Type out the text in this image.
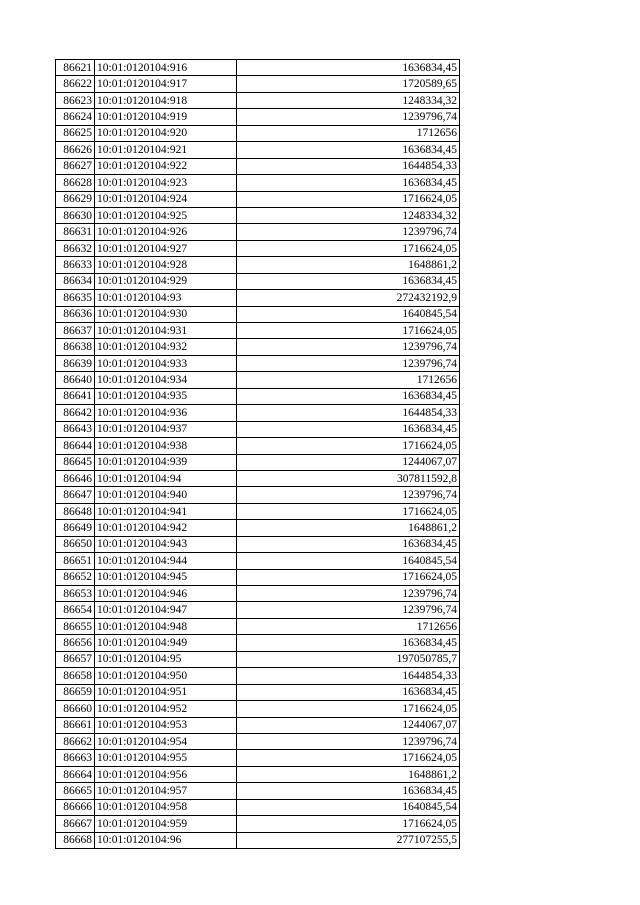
86621	10:01:0120104:916	1636834,45
86622	10:01:0120104:917	1720589,65
86623	10:01:0120104:918	1248334,32
86624	10:01:0120104:919	1239796,74
86625	10:01:0120104:920	1712656
86626	10:01:0120104:921	1636834,45
86627	10:01:0120104:922	1644854,33
86628	10:01:0120104:923	1636834,45
86629	10:01:0120104:924	1716624,05
86630	10:01:0120104:925	1248334,32
86631	10:01:0120104:926	1239796,74
86632	10:01:0120104:927	1716624,05
86633	10:01:0120104:928	1648861,2
86634	10:01:0120104:929	1636834,45
86635	10:01:0120104:93	272432192,9
86636	10:01:0120104:930	1640845,54
86637	10:01:0120104:931	1716624,05
86638	10:01:0120104:932	1239796,74
86639	10:01:0120104:933	1239796,74
86640	10:01:0120104:934	1712656
86641	10:01:0120104:935	1636834,45
86642	10:01:0120104:936	1644854,33
86643	10:01:0120104:937	1636834,45
86644	10:01:0120104:938	1716624,05
86645	10:01:0120104:939	1244067,07
86646	10:01:0120104:94	307811592,8
86647	10:01:0120104:940	1239796,74
86648	10:01:0120104:941	1716624,05
86649	10:01:0120104:942	1648861,2
86650	10:01:0120104:943	1636834,45
86651	10:01:0120104:944	1640845,54
86652	10:01:0120104:945	1716624,05
86653	10:01:0120104:946	1239796,74
86654	10:01:0120104:947	1239796,74
86655	10:01:0120104:948	1712656
86656	10:01:0120104:949	1636834,45
86657	10:01:0120104:95	197050785,7
86658	10:01:0120104:950	1644854,33
86659	10:01:0120104:951	1636834,45
86660	10:01:0120104:952	1716624,05
86661	10:01:0120104:953	1244067,07
86662	10:01:0120104:954	1239796,74
86663	10:01:0120104:955	1716624,05
86664	10:01:0120104:956	1648861,2
86665	10:01:0120104:957	1636834,45
86666	10:01:0120104:958	1640845,54
86667	10:01:0120104:959	1716624,05
86668	10:01:0120104:96	277107255,5
